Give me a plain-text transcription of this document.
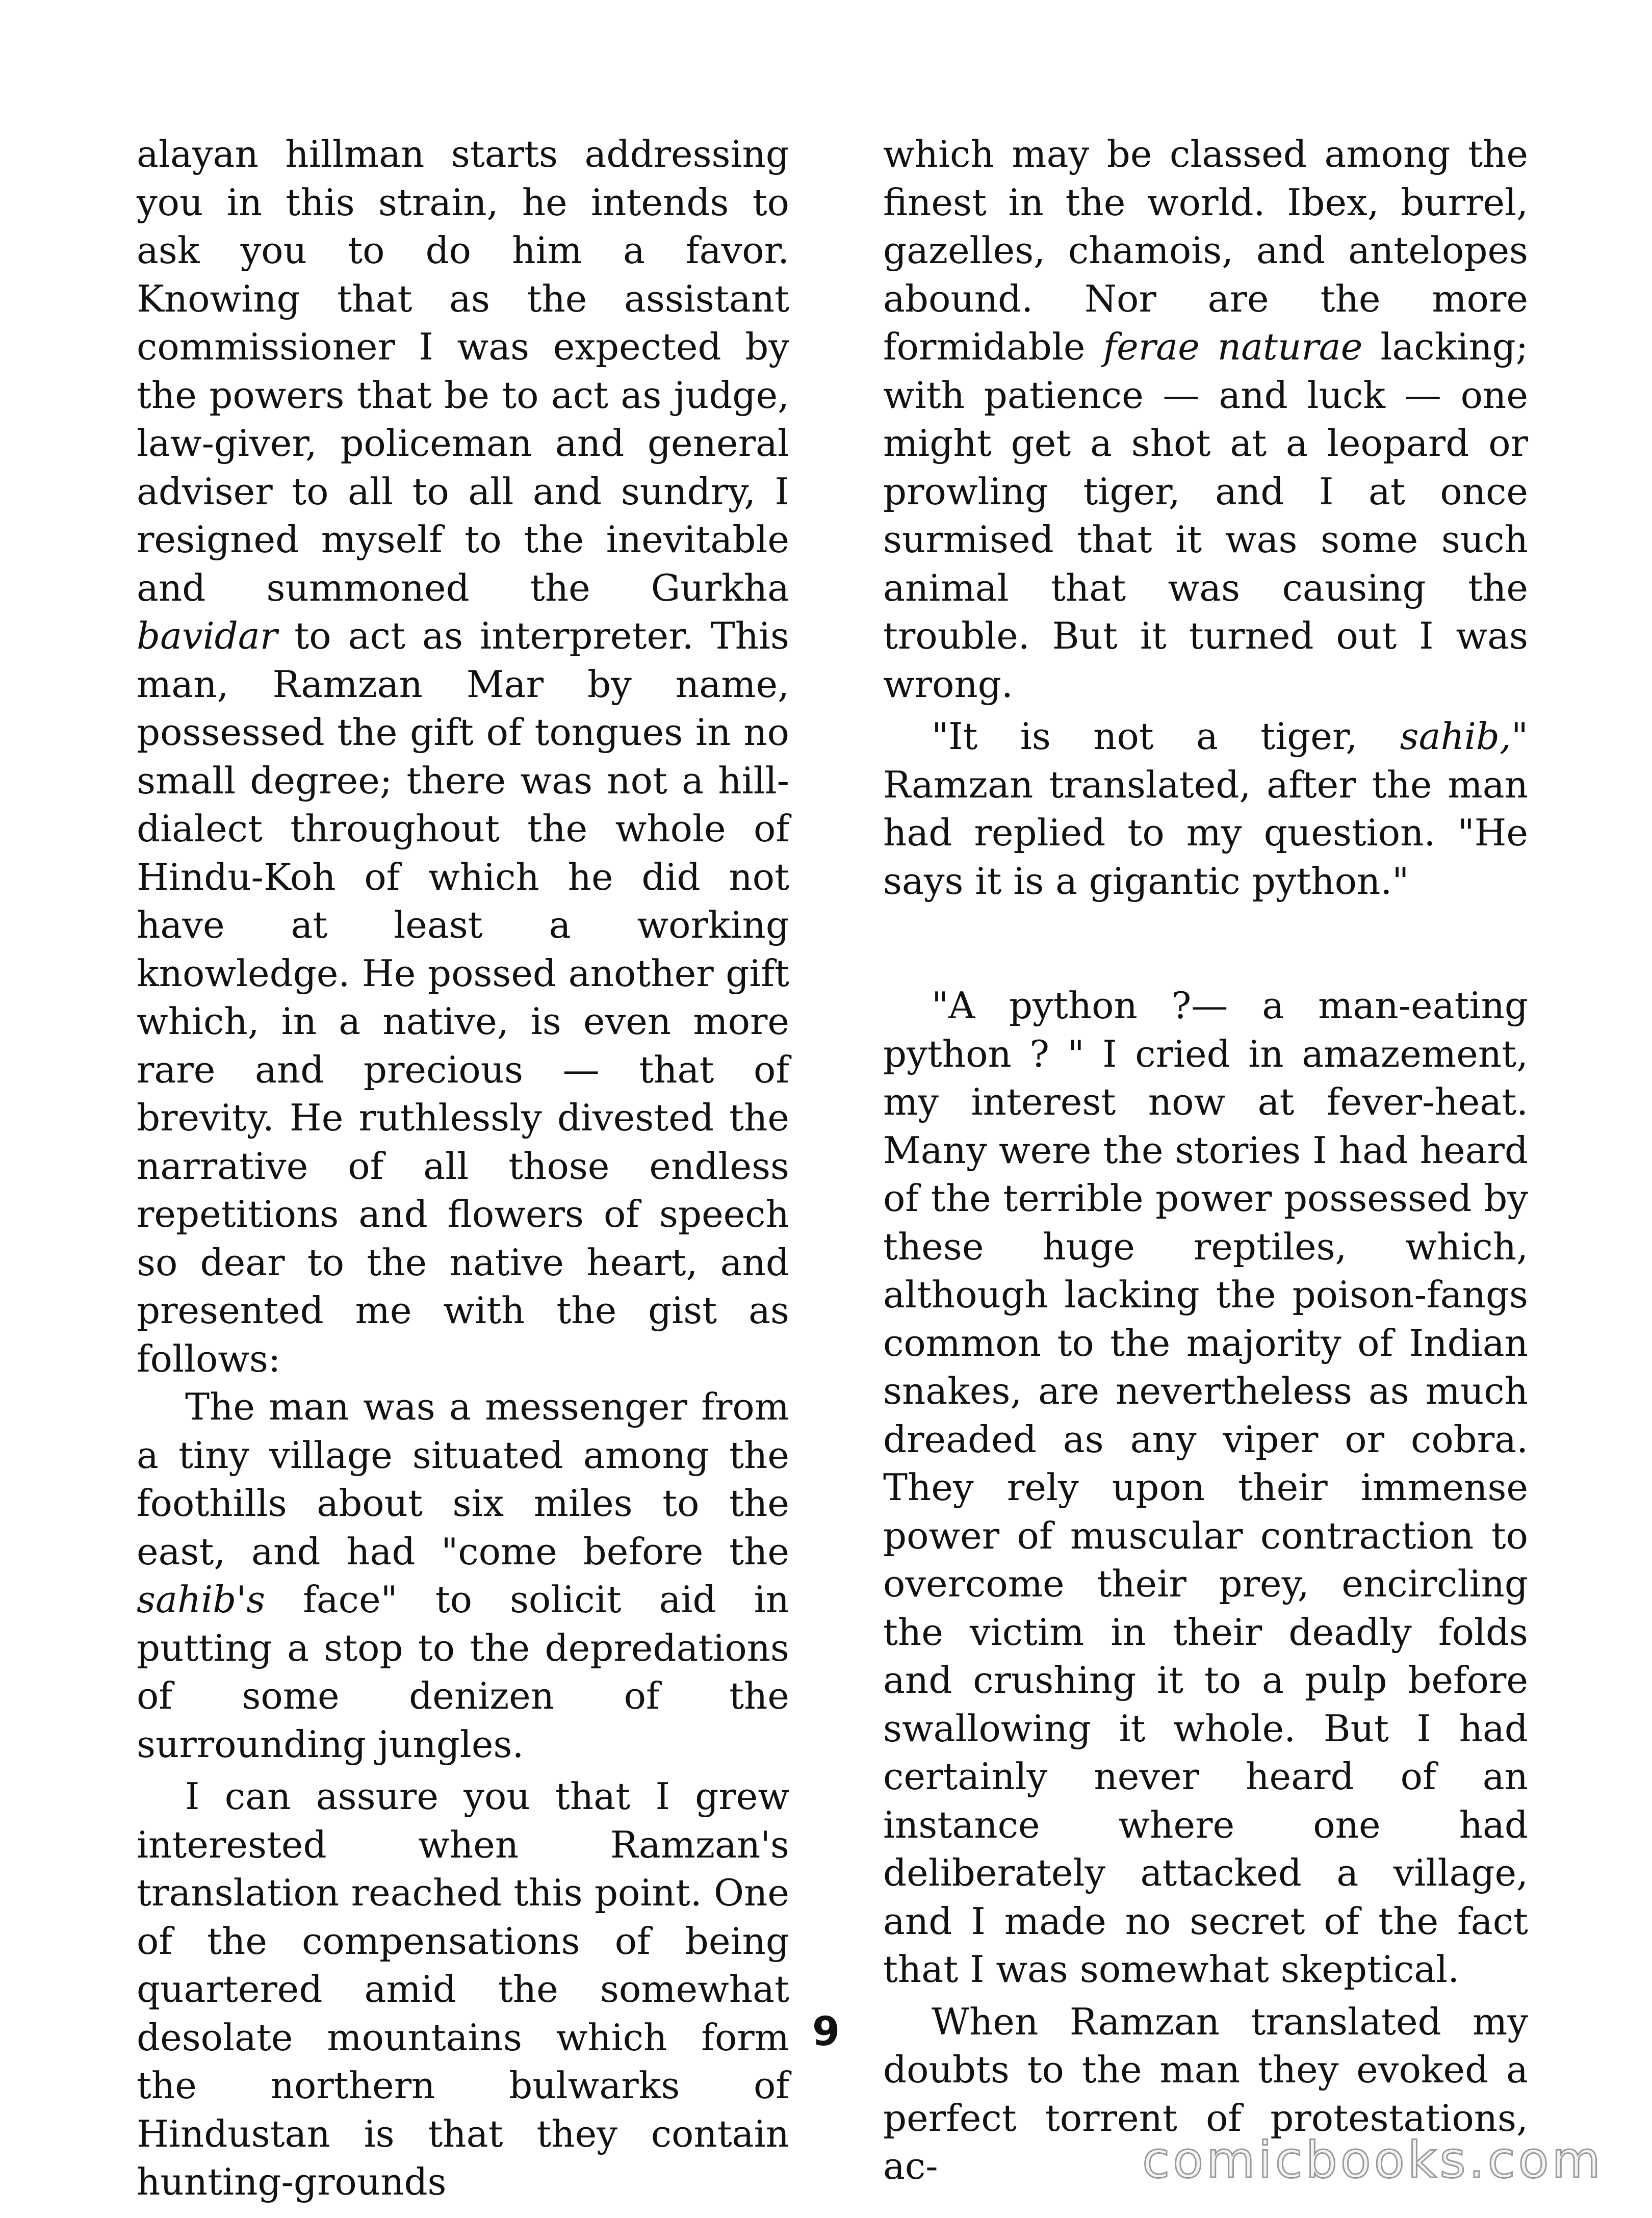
alayan hillman starts addressing you in this strain, he intends to ask you to do him a favor. Knowing that as the assistant commissioner I was expected by the powers that be to act as judge, law-giver, policeman and general adviser to all to all and sundry, I resigned myself to the inevitable and summoned the Gurkha bavidar to act as interpreter. This man, Ramzan Mar by name, possessed the gift of tongues in no small degree; there was not a hill-dialect throughout the whole of Hindu-Koh of which he did not have at least a working knowledge. He possed another gift which, in a native, is even more rare and precious — that of brevity. He ruthlessly divested the narrative of all those endless repetitions and flowers of speech so dear to the native heart, and presented me with the gist as follows:

The man was a messenger from a tiny village situated among the foothills about six miles to the east, and had "come before the sahib's face" to solicit aid in putting a stop to the depredations of some denizen of the surrounding jungles.

I can assure you that I grew interested when Ramzan's translation reached this point. One of the compensations of being quartered amid the somewhat desolate mountains which form the northern bulwarks of Hindustan is that they contain hunting-grounds

which may be classed among the finest in the world. Ibex, burrel, gazelles, chamois, and antelopes abound. Nor are the more formidable ferae naturae lacking; with patience — and luck — one might get a shot at a leopard or prowling tiger, and I at once surmised that it was some such animal that was causing the trouble. But it turned out I was wrong.

"It is not a tiger, sahib," Ramzan translated, after the man had replied to my question. "He says it is a gigantic python."

"A python ?— a man-eating python ? " I cried in amazement, my interest now at fever-heat. Many were the stories I had heard of the terrible power possessed by these huge reptiles, which, although lacking the poison-fangs common to the majority of Indian snakes, are nevertheless as much dreaded as any viper or cobra. They rely upon their immense power of muscular contraction to overcome their prey, encircling the victim in their deadly folds and crushing it to a pulp before swallowing it whole. But I had certainly never heard of an instance where one had deliberately attacked a village, and I made no secret of the fact that I was somewhat skeptical.

When Ramzan translated my doubts to the man they evoked a perfect torrent of protestations, ac-

9
comicbooks.com
